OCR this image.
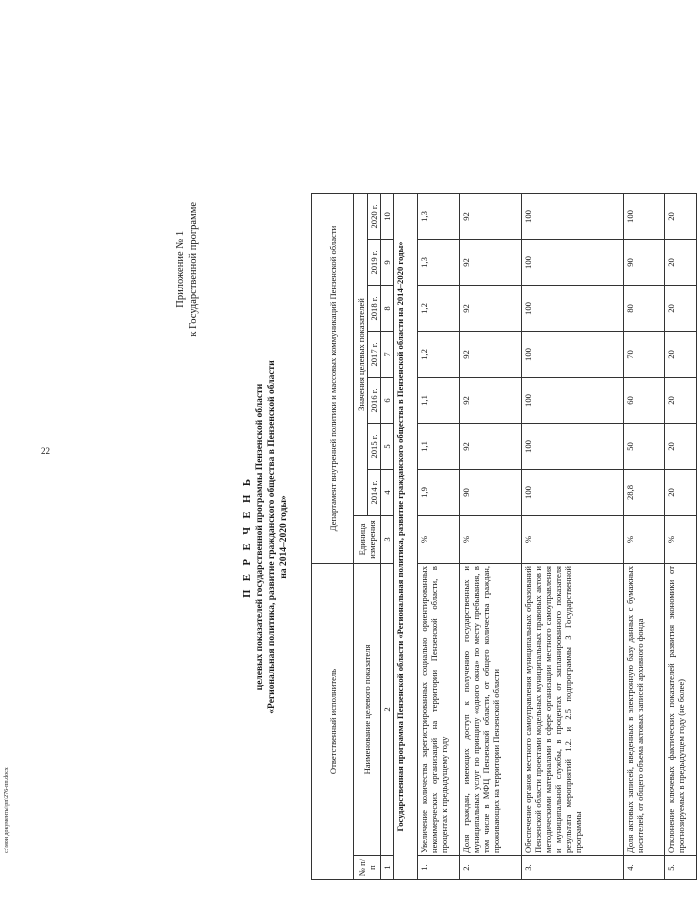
22
Приложение № 1 к Государственной программе
П Е Р Е Ч Е Н Ь целевых показателей государственной программы Пензенской области «Региональная политика, развитие гражданского общества в Пензенской области на 2014–2020 годы»
Ответственный исполнитель		Департамент внутренней политики и массовых коммуникаций Пензенской области							
№ п/п	Наименование целевого показателя	Единица измерения	Значения целевых показателей						
			2014 г.	2015 г.	2016 г.	2017 г.	2018 г.	2019 г.	2020 г.
1	2	3	4	5	6	7	8	9	10
Государственная программа Пензенской области «Региональная политика, развитие гражданского общества в Пензенской области на 2014–2020 годы»									
1.	Увеличение количества зарегистрированных социально ориентированных некоммерческих организаций на территории Пензенской области, в процентах к предыдущему году	%	1,9	1,1	1,1	1,2	1,2	1,3	1,3
2.	Доля граждан, имеющих доступ к получению государственных и муниципальных услуг по принципу «одного окна» по месту пребывания, в том числе в МФЦ Пензенской области, от общего количества граждан, проживающих на территории Пензенской области	%	90	92	92	92	92	92	92
3.	Обеспечение органов местного самоуправления муниципальных образований Пензенской области проектами модельных муниципальных правовых актов и методическими материалами в сфере организации местного самоуправления и муниципальной службы, в процентах от запланированного показателя результата мероприятий 1.2. и 2.5 подпрограммы 3 Государственной программы	%	100	100	100	100	100	100	100
4.	Доля актовых записей, введенных в электронную базу данных с бумажных носителей, от общего объема актовых записей архивного фонда	%	28,8	50	60	70	80	90	100
5.	Отклонение ключевых фактических показателей развития экономики от прогнозируемых в предыдущем году (не более)	%	20	20	20	20	20	20	20
c:\мои документы\рп\276-пп.docx
